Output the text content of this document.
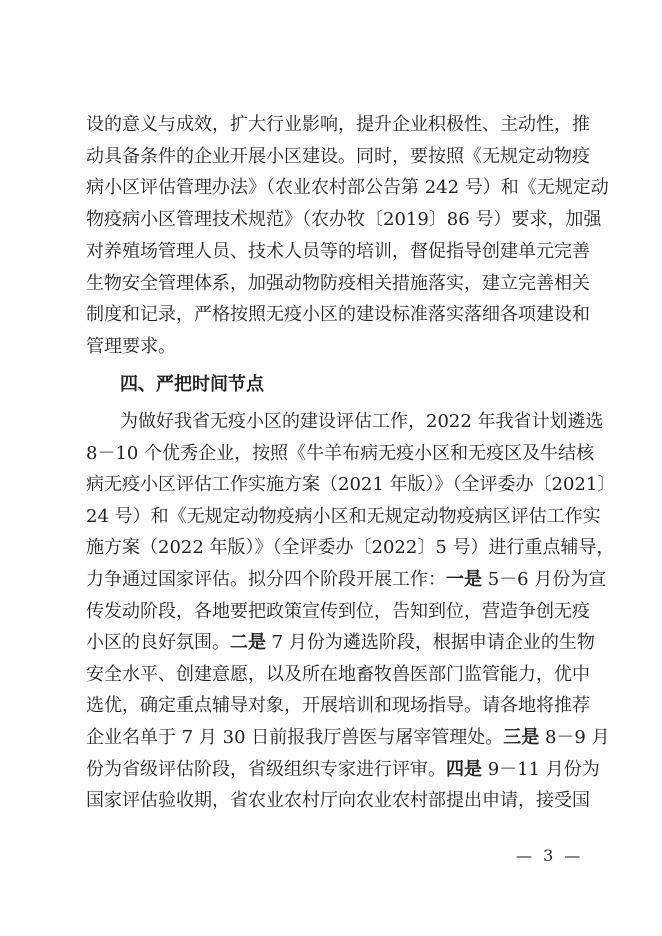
四、严把时间节点
— 3 —
设的意义与成效，扩大行业影响，提升企业积极性、主动性，推
动具备条件的企业开展小区建设。同时，要按照《无规定动物疫
病小区评估管理办法》（农业农村部公告第 242 号）和《无规定动
物疫病小区管理技术规范》（农办牧〔2019〕86 号）要求，加强
对养殖场管理人员、技术人员等的培训，督促指导创建单元完善
生物安全管理体系，加强动物防疫相关措施落实，建立完善相关
制度和记录，严格按照无疫小区的建设标准落实落细各项建设和
管理要求。
为做好我省无疫小区的建设评估工作，2022 年我省计划遴选
8－10 个优秀企业，按照《牛羊布病无疫小区和无疫区及牛结核
病无疫小区评估工作实施方案（2021 年版）》（全评委办〔2021〕
24 号）和《无规定动物疫病小区和无规定动物疫病区评估工作实
施方案（2022 年版）》（全评委办〔2022〕5 号）进行重点辅导，
力争通过国家评估。拟分四个阶段开展工作：一是 5－6 月份为宣
传发动阶段，各地要把政策宣传到位，告知到位，营造争创无疫
小区的良好氛围。二是 7 月份为遴选阶段，根据申请企业的生物
安全水平、创建意愿，以及所在地畜牧兽医部门监管能力，优中
选优，确定重点辅导对象，开展培训和现场指导。请各地将推荐
企业名单于 7 月 30 日前报我厅兽医与屠宰管理处。三是 8－9 月
份为省级评估阶段，省级组织专家进行评审。四是 9－11 月份为
国家评估验收期，省农业农村厅向农业农村部提出申请，接受国
